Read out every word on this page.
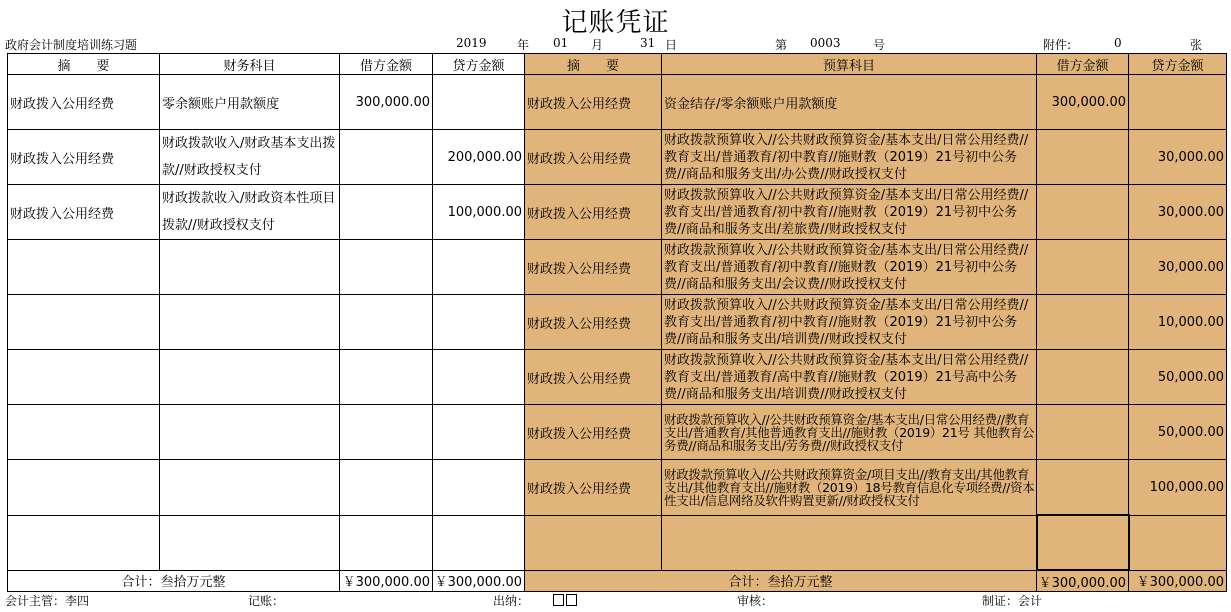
记账凭证
政府会计制度培训练习题	2019	年 01 月	31 日	第 0003	号	附件:	0	张
摘　　要	财务科目	借方金额	贷方金额	摘　　要	预算科目	借方金额	贷方金额
财政拨入公用经费	零余额账户用款额度	300,000.00		财政拨入公用经费	资金结存/零余额账户用款额度	300,000.00	
财政拨入公用经费	财政拨款收入/财政基本支出拨款//财政授权支付		200,000.00	财政拨入公用经费	财政拨款预算收入//公共财政预算资金/基本支出/日常公用经费//教育支出/普通教育/初中教育//施财教（2019）21号初中公务费//商品和服务支出/办公费//财政授权支付		30,000.00
财政拨入公用经费	财政拨款收入/财政资本性项目拨款//财政授权支付		100,000.00	财政拨入公用经费	财政拨款预算收入//公共财政预算资金/基本支出/日常公用经费//教育支出/普通教育/初中教育//施财教（2019）21号初中公务费//商品和服务支出/差旅费//财政授权支付		30,000.00
				财政拨入公用经费	财政拨款预算收入//公共财政预算资金/基本支出/日常公用经费//教育支出/普通教育/初中教育//施财教（2019）21号初中公务费//商品和服务支出/会议费//财政授权支付		30,000.00
				财政拨入公用经费	财政拨款预算收入//公共财政预算资金/基本支出/日常公用经费//教育支出/普通教育/初中教育//施财教（2019）21号初中公务费//商品和服务支出/培训费//财政授权支付		10,000.00
				财政拨入公用经费	财政拨款预算收入//公共财政预算资金/基本支出/日常公用经费//教育支出/普通教育/高中教育//施财教（2019）21号高中公务费//商品和服务支出/培训费//财政授权支付		50,000.00
				财政拨入公用经费	财政拨款预算收入//公共财政预算资金/基本支出/日常公用经费//教育支出/普通教育/其他普通教育支出//施财教（2019）21号 其他教育公务费//商品和服务支出/劳务费//财政授权支付		50,000.00
				财政拨入公用经费	财政拨款预算收入//公共财政预算资金/项目支出//教育支出/其他教育支出/其他教育支出//施财教（2019）18号教育信息化专项经费//资本性支出/信息网络及软件购置更新//财政授权支付		100,000.00

合计：叁拾万元整		￥300,000.00	￥300,000.00	合计：叁拾万元整		￥300,000.00	￥300,000.00
会计主管：李四	记账：	出纳：	审核：	制证：会计
